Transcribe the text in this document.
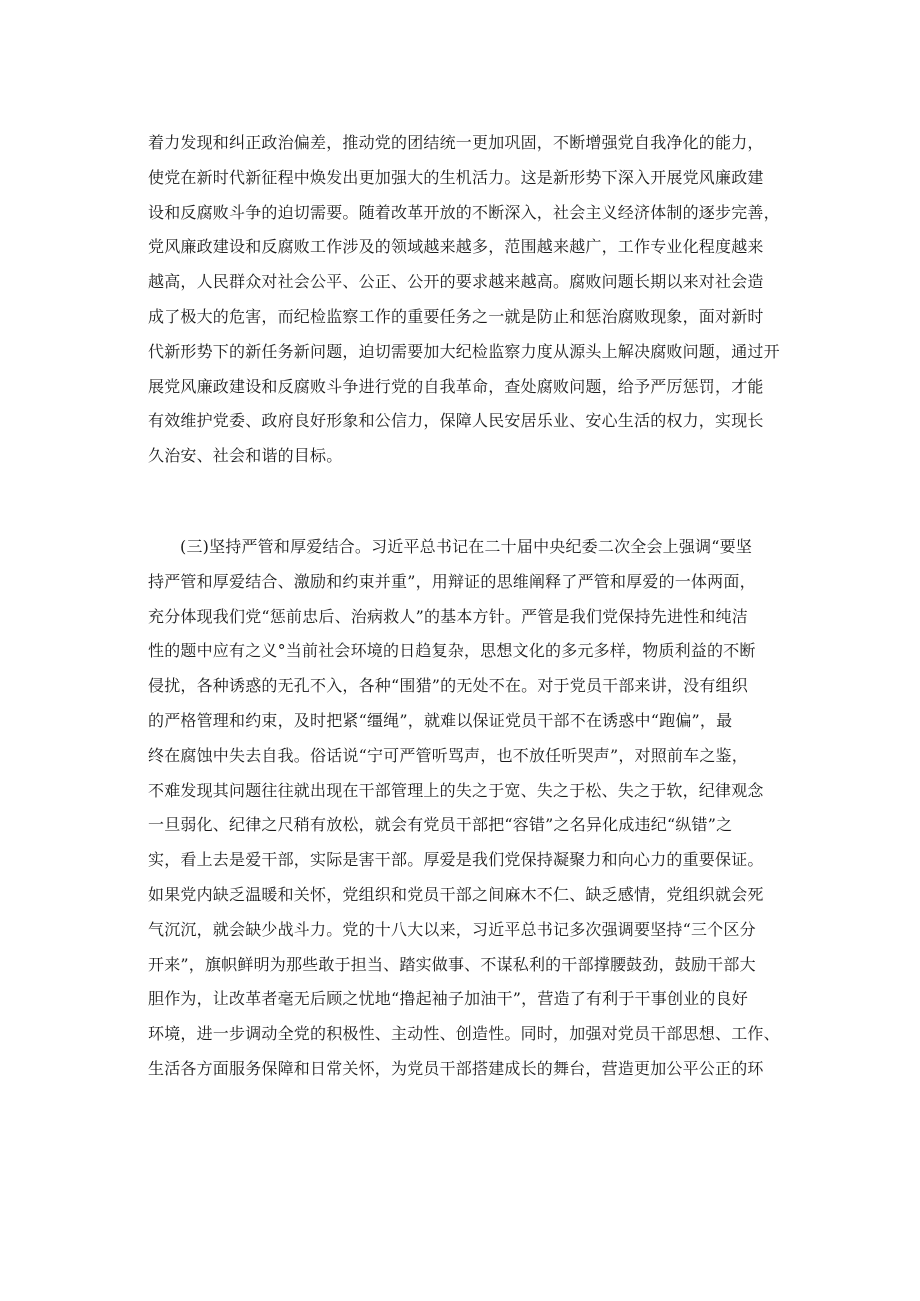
着力发现和纠正政治偏差，推动党的团结统一更加巩固，不断增强党自我净化的能力，
使党在新时代新征程中焕发出更加强大的生机活力。这是新形势下深入开展党风廉政建
设和反腐败斗争的迫切需要。随着改革开放的不断深入，社会主义经济体制的逐步完善，
党风廉政建设和反腐败工作涉及的领域越来越多，范围越来越广，工作专业化程度越来
越高，人民群众对社会公平、公正、公开的要求越来越高。腐败问题长期以来对社会造
成了极大的危害，而纪检监察工作的重要任务之一就是防止和惩治腐败现象，面对新时
代新形势下的新任务新问题，迫切需要加大纪检监察力度从源头上解决腐败问题，通过开
展党风廉政建设和反腐败斗争进行党的自我革命，查处腐败问题，给予严厉惩罚，才能
有效维护党委、政府良好形象和公信力，保障人民安居乐业、安心生活的权力，实现长
久治安、社会和谐的目标。
(三)坚持严管和厚爱结合。习近平总书记在二十届中央纪委二次全会上强调“要坚
持严管和厚爱结合、激励和约束并重”，用辩证的思维阐释了严管和厚爱的一体两面，
充分体现我们党“惩前忠后、治病救人”的基本方针。严管是我们党保持先进性和纯洁
性的题中应有之义°当前社会环境的日趋复杂，思想文化的多元多样，物质利益的不断
侵扰，各种诱惑的无孔不入，各种“围猎”的无处不在。对于党员干部来讲，没有组织
的严格管理和约束，及时把紧“缰绳”，就难以保证党员干部不在诱惑中“跑偏”，最
终在腐蚀中失去自我。俗话说“宁可严管听骂声，也不放任听哭声”，对照前车之鉴，
不难发现其问题往往就出现在干部管理上的失之于宽、失之于松、失之于软，纪律观念
一旦弱化、纪律之尺稍有放松，就会有党员干部把“容错”之名异化成违纪“纵错”之
实，看上去是爱干部，实际是害干部。厚爱是我们党保持凝聚力和向心力的重要保证。
如果党内缺乏温暖和关怀，党组织和党员干部之间麻木不仁、缺乏感情，党组织就会死
气沉沉，就会缺少战斗力。党的十八大以来，习近平总书记多次强调要坚持“三个区分
开来”，旗帜鲜明为那些敢于担当、踏实做事、不谋私利的干部撑腰鼓劲，鼓励干部大
胆作为，让改革者毫无后顾之忧地“撸起袖子加油干”，营造了有利于干事创业的良好
环境，进一步调动全党的积极性、主动性、创造性。同时，加强对党员干部思想、工作、
生活各方面服务保障和日常关怀，为党员干部搭建成长的舞台，营造更加公平公正的环
